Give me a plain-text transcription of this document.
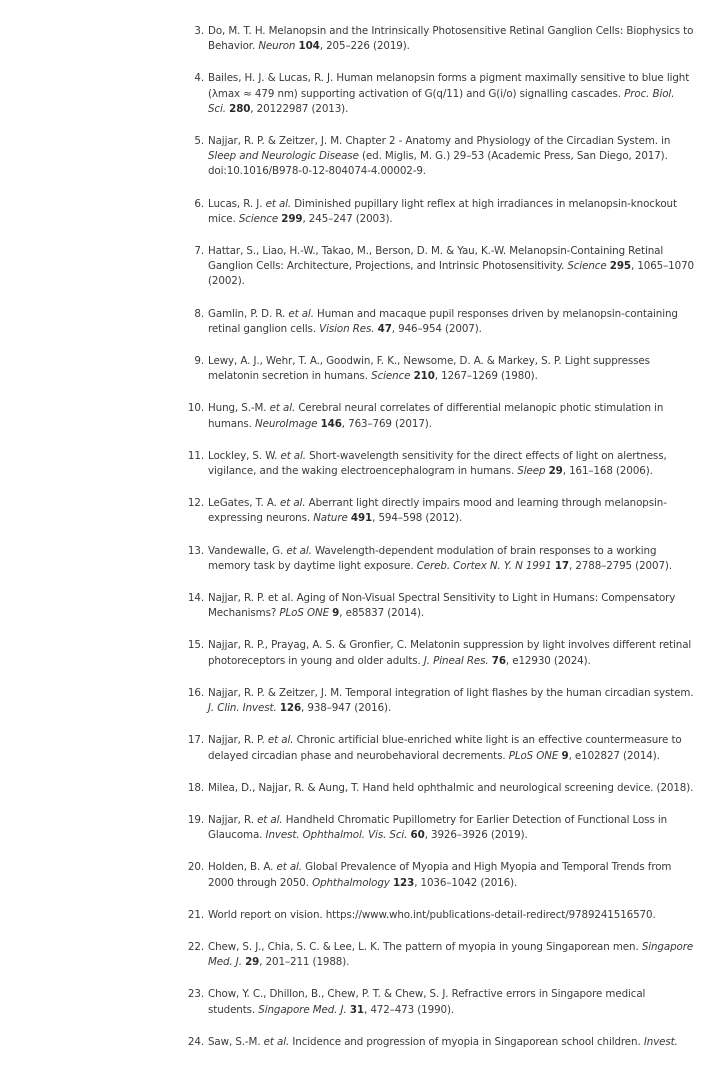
3. Do, M. T. H. Melanopsin and the Intrinsically Photosensitive Retinal Ganglion Cells: Biophysics to Behavior. Neuron 104, 205–226 (2019).
4. Bailes, H. J. & Lucas, R. J. Human melanopsin forms a pigment maximally sensitive to blue light (λmax ≈ 479 nm) supporting activation of G(q/11) and G(i/o) signalling cascades. Proc. Biol. Sci. 280, 20122987 (2013).
5. Najjar, R. P. & Zeitzer, J. M. Chapter 2 - Anatomy and Physiology of the Circadian System. in Sleep and Neurologic Disease (ed. Miglis, M. G.) 29–53 (Academic Press, San Diego, 2017). doi:10.1016/B978-0-12-804074-4.00002-9.
6. Lucas, R. J. et al. Diminished pupillary light reflex at high irradiances in melanopsin-knockout mice. Science 299, 245–247 (2003).
7. Hattar, S., Liao, H.-W., Takao, M., Berson, D. M. & Yau, K.-W. Melanopsin-Containing Retinal Ganglion Cells: Architecture, Projections, and Intrinsic Photosensitivity. Science 295, 1065–1070 (2002).
8. Gamlin, P. D. R. et al. Human and macaque pupil responses driven by melanopsin-containing retinal ganglion cells. Vision Res. 47, 946–954 (2007).
9. Lewy, A. J., Wehr, T. A., Goodwin, F. K., Newsome, D. A. & Markey, S. P. Light suppresses melatonin secretion in humans. Science 210, 1267–1269 (1980).
10. Hung, S.-M. et al. Cerebral neural correlates of differential melanopic photic stimulation in humans. NeuroImage 146, 763–769 (2017).
11. Lockley, S. W. et al. Short-wavelength sensitivity for the direct effects of light on alertness, vigilance, and the waking electroencephalogram in humans. Sleep 29, 161–168 (2006).
12. LeGates, T. A. et al. Aberrant light directly impairs mood and learning through melanopsin-expressing neurons. Nature 491, 594–598 (2012).
13. Vandewalle, G. et al. Wavelength-dependent modulation of brain responses to a working memory task by daytime light exposure. Cereb. Cortex N. Y. N 1991 17, 2788–2795 (2007).
14. Najjar, R. P. et al. Aging of Non-Visual Spectral Sensitivity to Light in Humans: Compensatory Mechanisms? PLoS ONE 9, e85837 (2014).
15. Najjar, R. P., Prayag, A. S. & Gronfier, C. Melatonin suppression by light involves different retinal photoreceptors in young and older adults. J. Pineal Res. 76, e12930 (2024).
16. Najjar, R. P. & Zeitzer, J. M. Temporal integration of light flashes by the human circadian system. J. Clin. Invest. 126, 938–947 (2016).
17. Najjar, R. P. et al. Chronic artificial blue-enriched white light is an effective countermeasure to delayed circadian phase and neurobehavioral decrements. PLoS ONE 9, e102827 (2014).
18. Milea, D., Najjar, R. & Aung, T. Hand held ophthalmic and neurological screening device. (2018).
19. Najjar, R. et al. Handheld Chromatic Pupillometry for Earlier Detection of Functional Loss in Glaucoma. Invest. Ophthalmol. Vis. Sci. 60, 3926–3926 (2019).
20. Holden, B. A. et al. Global Prevalence of Myopia and High Myopia and Temporal Trends from 2000 through 2050. Ophthalmology 123, 1036–1042 (2016).
21. World report on vision. https://www.who.int/publications-detail-redirect/9789241516570.
22. Chew, S. J., Chia, S. C. & Lee, L. K. The pattern of myopia in young Singaporean men. Singapore Med. J. 29, 201–211 (1988).
23. Chow, Y. C., Dhillon, B., Chew, P. T. & Chew, S. J. Refractive errors in Singapore medical students. Singapore Med. J. 31, 472–473 (1990).
24. Saw, S.-M. et al. Incidence and progression of myopia in Singaporean school children. Invest.
